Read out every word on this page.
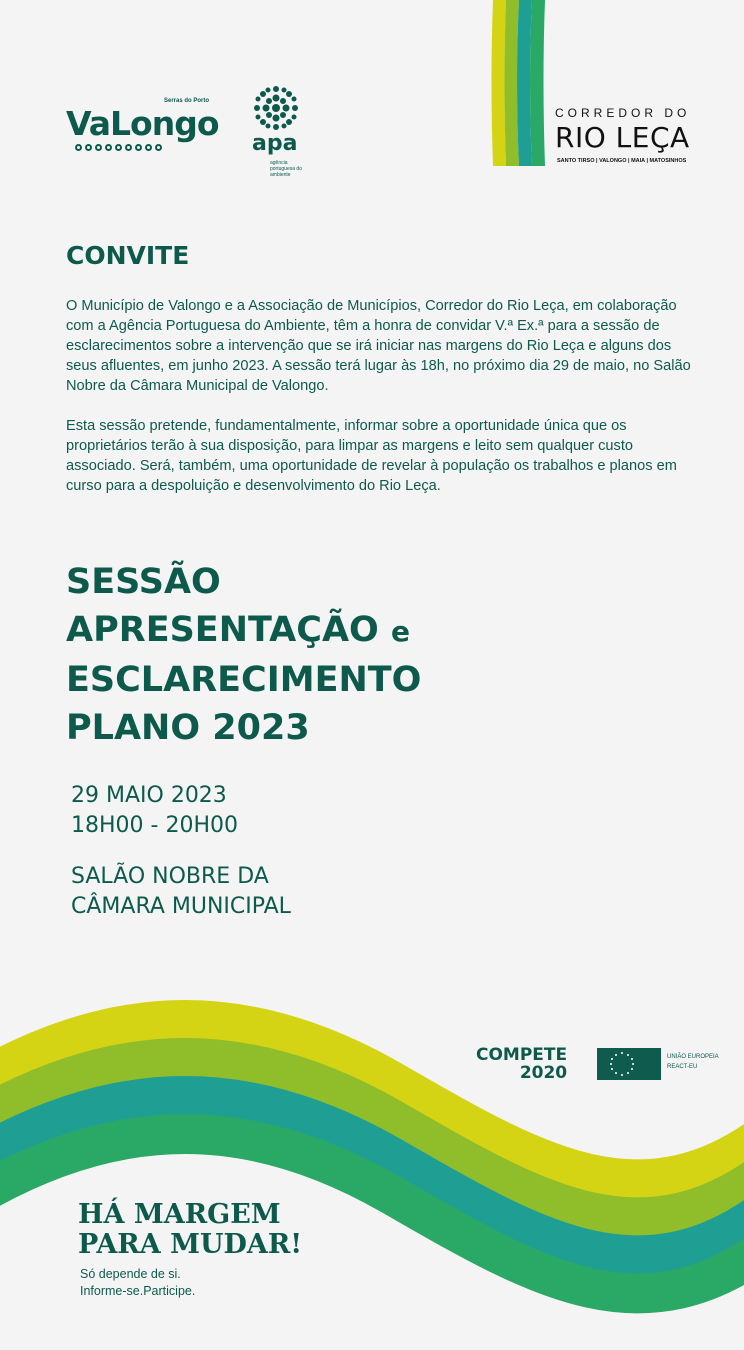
VaLongo
Serras do Porto
apa
agência portuguesa do ambiente
CORREDOR DO
RIO LEÇA
SANTO TIRSO | VALONGO | MAIA | MATOSINHOS
CONVITE

O Município de Valongo e a Associação de Municípios, Corredor do Rio Leça, em colaboração com a Agência Portuguesa do Ambiente, têm a honra de convidar V.ª Ex.ª para a sessão de esclarecimentos sobre a intervenção que se irá iniciar nas margens do Rio Leça e alguns dos seus afluentes, em junho 2023. A sessão terá lugar às 18h, no próximo dia 29 de maio, no Salão Nobre da Câmara Municipal de Valongo.

Esta sessão pretende, fundamentalmente, informar sobre a oportunidade única que os proprietários terão à sua disposição, para limpar as margens e leito sem qualquer custo associado. Será, também, uma oportunidade de revelar à população os trabalhos e planos em curso para a despoluição e desenvolvimento do Rio Leça.

SESSÃO
APRESENTAÇÃO e
ESCLARECIMENTO
PLANO 2023
29 MAIO 2023
18H00 - 20H00
SALÃO NOBRE DA
CÂMARA MUNICIPAL
COMPETE
2020
UNIÃO EUROPEIA
REACT-EU
HÁ MARGEM
PARA MUDAR!
Só depende de si.
Informe-se.Participe.
